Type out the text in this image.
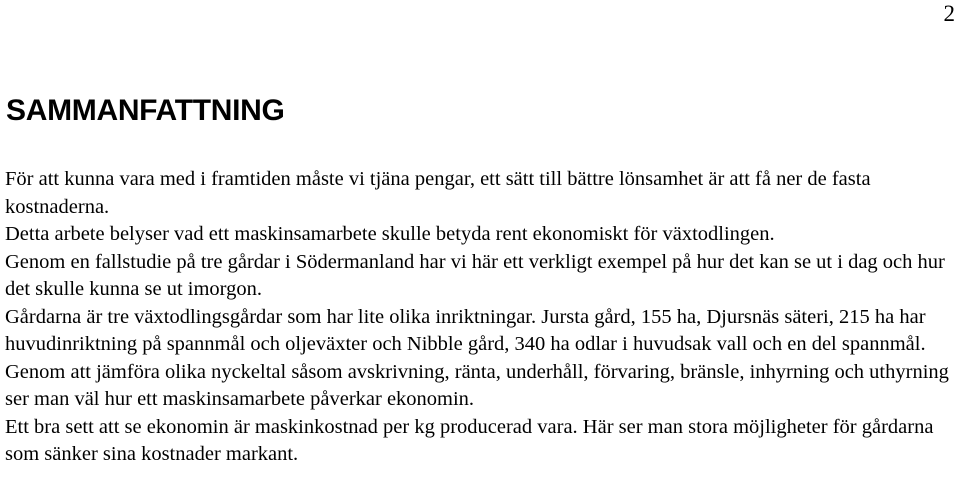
2
SAMMANFATTNING

För att kunna vara med i framtiden måste vi tjäna pengar, ett sätt till bättre lönsamhet är att få ner de fasta kostnaderna.

Detta arbete belyser vad ett maskinsamarbete skulle betyda rent ekonomiskt för växtodlingen.

Genom en fallstudie på tre gårdar i Södermanland har vi här ett verkligt exempel på hur det kan se ut i dag och hur det skulle kunna se ut imorgon.

Gårdarna är tre växtodlingsgårdar som har lite olika inriktningar. Jursta gård, 155 ha, Djursnäs säteri, 215 ha har huvudinriktning på spannmål och oljeväxter och Nibble gård, 340 ha odlar i huvudsak vall och en del spannmål.

Genom att jämföra olika nyckeltal såsom avskrivning, ränta, underhåll, förvaring, bränsle, inhyrning och uthyrning ser man väl hur ett maskinsamarbete påverkar ekonomin.

Ett bra sett att se ekonomin är maskinkostnad per kg producerad vara. Här ser man stora möjligheter för gårdarna som sänker sina kostnader markant.
